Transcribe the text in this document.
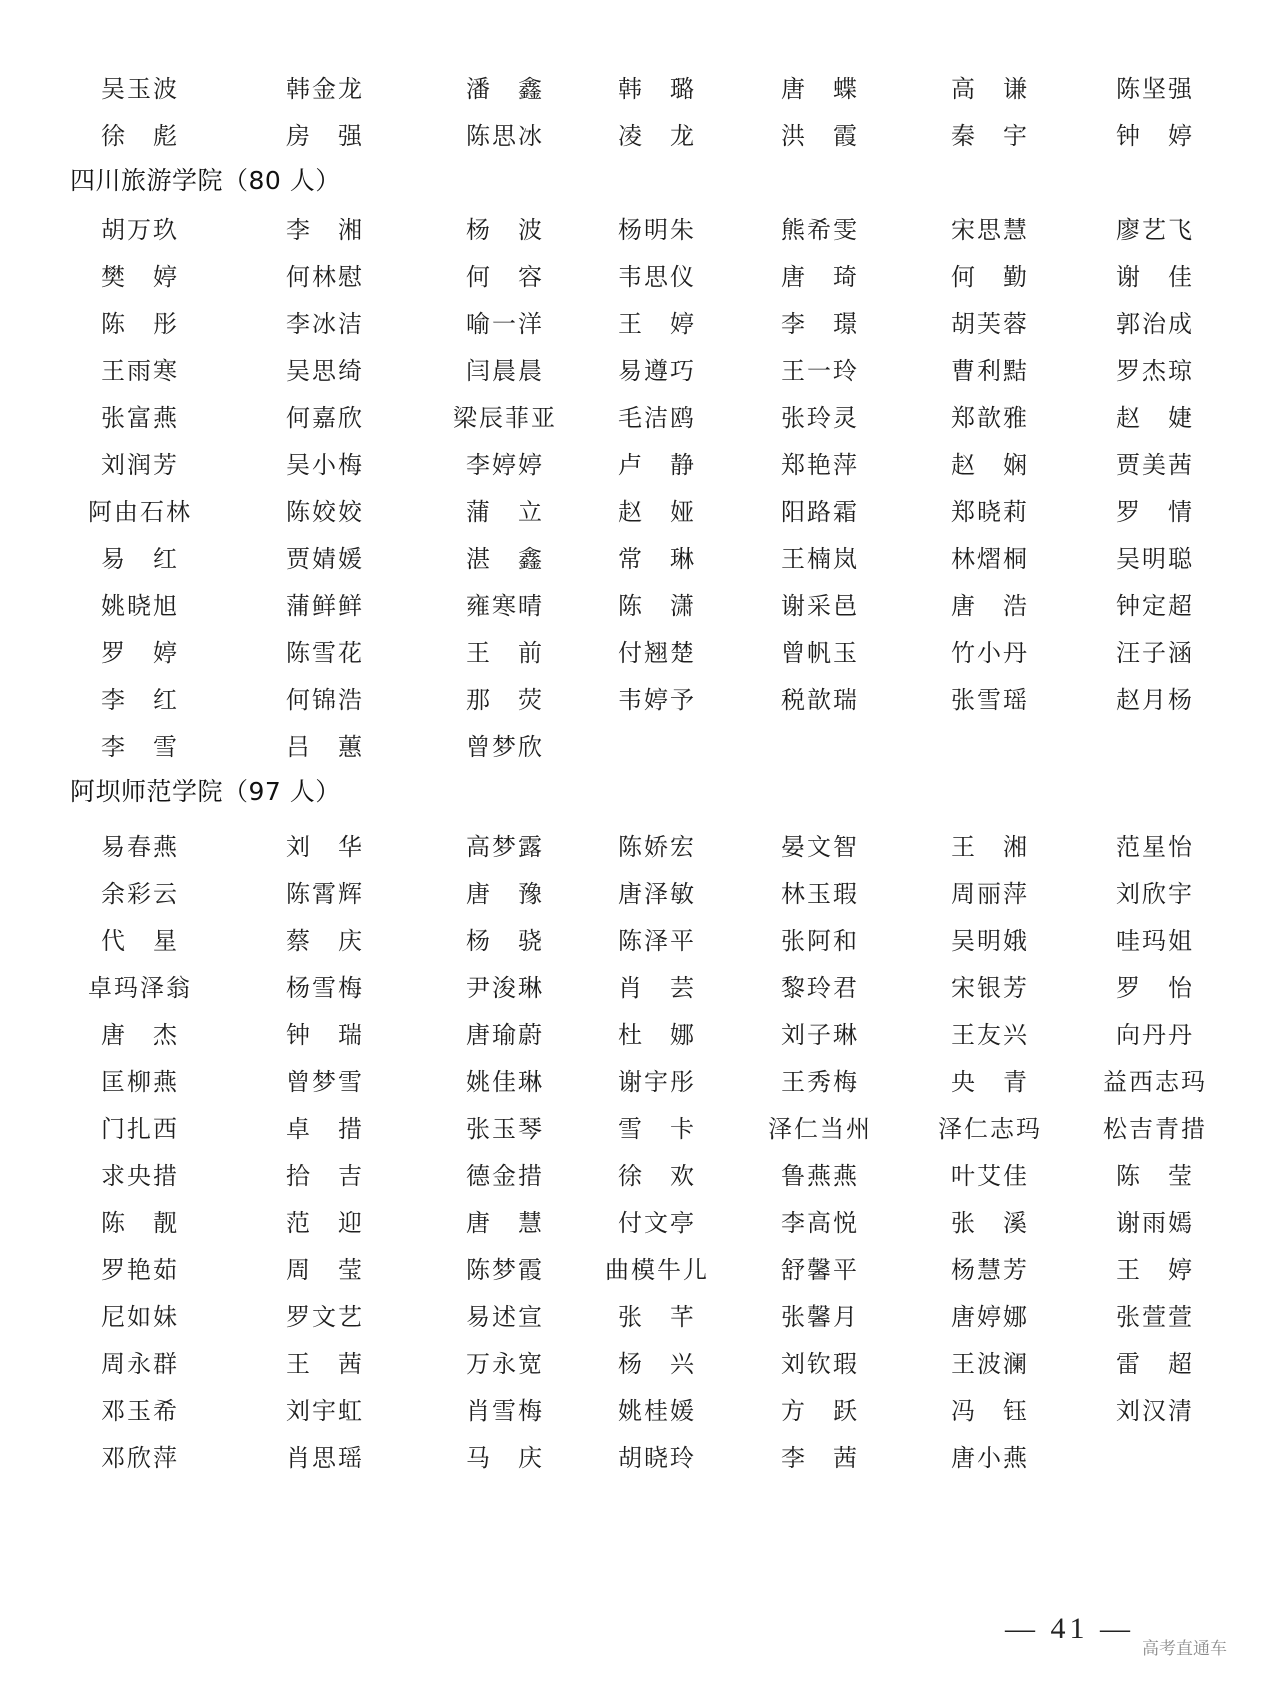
吴玉波	韩金龙	潘　鑫	韩　璐	唐　蝶	高　谦	陈坚强
徐　彪	房　强	陈思冰	凌　龙	洪　霞	秦　宇	钟　婷
四川旅游学院（80 人）
胡万玖	李　湘	杨　波	杨明朱	熊希雯	宋思慧	廖艺飞
樊　婷	何林慰	何　容	韦思仪	唐　琦	何　勤	谢　佳
陈　彤	李冰洁	喻一洋	王　婷	李　璟	胡芙蓉	郭治成
王雨寒	吴思绮	闫晨晨	易遵巧	王一玲	曹利黠	罗杰琼
张富燕	何嘉欣	梁辰菲亚	毛洁鸥	张玲灵	郑歆雅	赵　婕
刘润芳	吴小梅	李婷婷	卢　静	郑艳萍	赵　娴	贾美茜
阿由石林	陈姣姣	蒲　立	赵　娅	阳路霜	郑晓莉	罗　情
易　红	贾婧媛	湛　鑫	常　琳	王楠岚	林熠桐	吴明聪
姚晓旭	蒲鲜鲜	雍寒晴	陈　潇	谢采邑	唐　浩	钟定超
罗　婷	陈雪花	王　前	付翘楚	曾帆玉	竹小丹	汪子涵
李　红	何锦浩	那　荧	韦婷予	税歆瑞	张雪瑶	赵月杨
李　雪	吕　蕙	曾梦欣
阿坝师范学院（97 人）
易春燕	刘　华	高梦露	陈娇宏	晏文智	王　湘	范星怡
余彩云	陈霄辉	唐　豫	唐泽敏	林玉瑕	周丽萍	刘欣宇
代　星	蔡　庆	杨　骁	陈泽平	张阿和	吴明娥	哇玛姐
卓玛泽翁	杨雪梅	尹浚琳	肖　芸	黎玲君	宋银芳	罗　怡
唐　杰	钟　瑞	唐瑜蔚	杜　娜	刘子琳	王友兴	向丹丹
匡柳燕	曾梦雪	姚佳琳	谢宇彤	王秀梅	央　青	益西志玛
门扎西	卓　措	张玉琴	雪　卡	泽仁当州	泽仁志玛	松吉青措
求央措	拾　吉	德金措	徐　欢	鲁燕燕	叶艾佳	陈　莹
陈　靓	范　迎	唐　慧	付文亭	李高悦	张　溪	谢雨嫣
罗艳茹	周　莹	陈梦霞	曲模牛儿	舒馨平	杨慧芳	王　婷
尼如妹	罗文艺	易述宣	张　芊	张馨月	唐婷娜	张萱萱
周永群	王　茜	万永宽	杨　兴	刘钦瑕	王波澜	雷　超
邓玉希	刘宇虹	肖雪梅	姚桂媛	方　跃	冯　钰	刘汉清
邓欣萍	肖思瑶	马　庆	胡晓玲	李　茜	唐小燕
— 41 —
高考直通车
